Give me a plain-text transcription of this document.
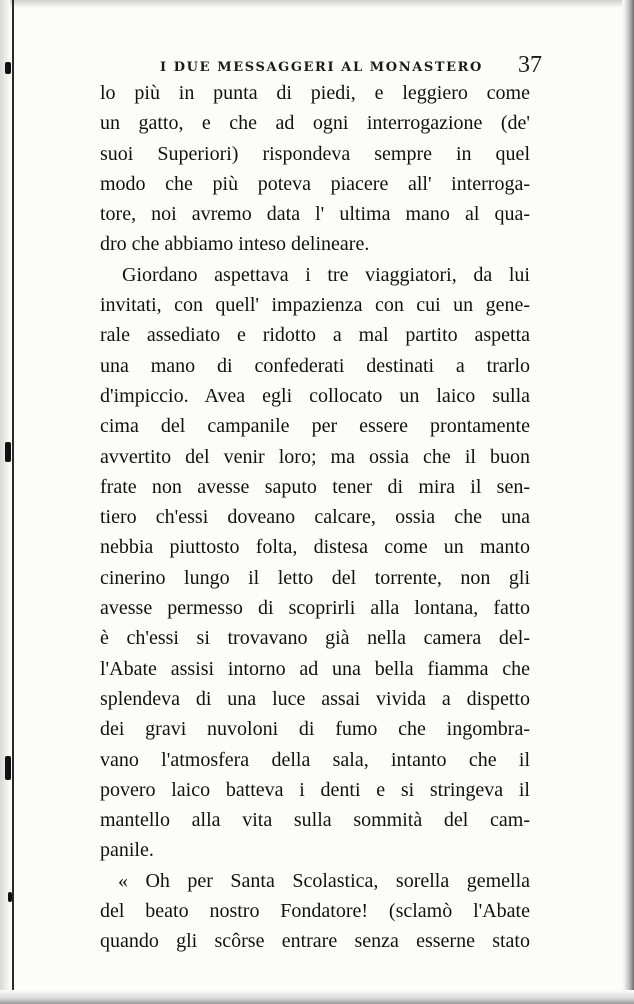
I DUE MESSAGGERI AL MONASTERO 37
lo più in punta di piedi, e leggiero come
un gatto, e che ad ogni interrogazione (de'
suoi Superiori) rispondeva sempre in quel
modo che più poteva piacere all' interroga-
tore, noi avremo data l' ultima mano al qua-
dro che abbiamo inteso delineare.
Giordano aspettava i tre viaggiatori, da lui
invitati, con quell' impazienza con cui un gene-
rale assediato e ridotto a mal partito aspetta
una mano di confederati destinati a trarlo
d'impiccio. Avea egli collocato un laico sulla
cima del campanile per essere prontamente
avvertito del venir loro; ma ossia che il buon
frate non avesse saputo tener di mira il sen-
tiero ch'essi doveano calcare, ossia che una
nebbia piuttosto folta, distesa come un manto
cinerino lungo il letto del torrente, non gli
avesse permesso di scoprirli alla lontana, fatto
è ch'essi si trovavano già nella camera del-
l'Abate assisi intorno ad una bella fiamma che
splendeva di una luce assai vivida a dispetto
dei gravi nuvoloni di fumo che ingombra-
vano l'atmosfera della sala, intanto che il
povero laico batteva i denti e si stringeva il
mantello alla vita sulla sommità del cam-
panile.
« Oh per Santa Scolastica, sorella gemella
del beato nostro Fondatore! (sclamò l'Abate
quando gli scôrse entrare senza esserne stato
